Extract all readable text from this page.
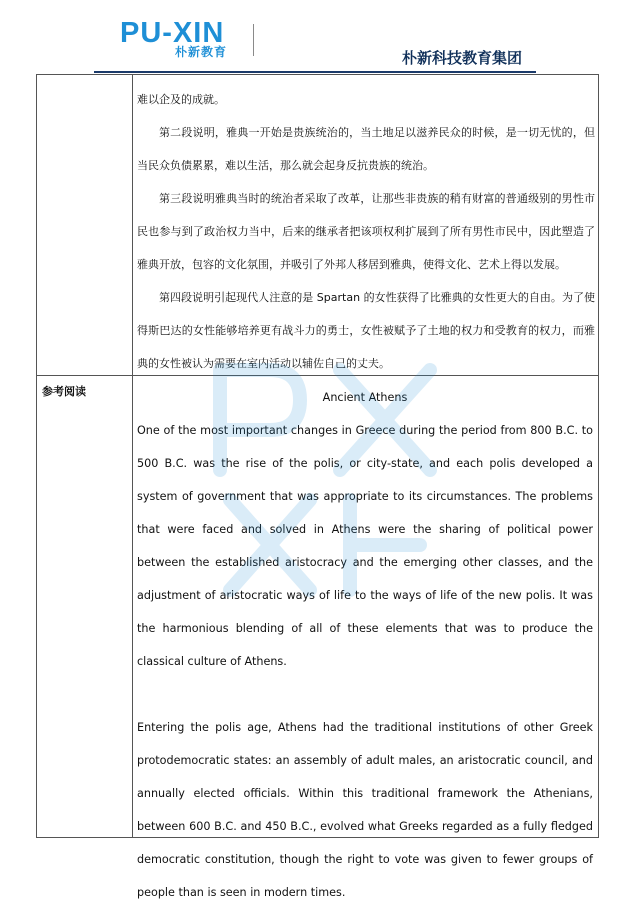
PU-XIN
朴新教育	朴新科技教育集团

难以企及的成就。

第二段说明，雅典一开始是贵族统治的，当土地足以滋养民众的时候，是一切无忧的，但当民众负债累累，难以生活，那么就会起身反抗贵族的统治。

第三段说明雅典当时的统治者采取了改革，让那些非贵族的稍有财富的普通级别的男性市民也参与到了政治权力当中，后来的继承者把该项权利扩展到了所有男性市民中，因此塑造了雅典开放，包容的文化氛围，并吸引了外邦人移居到雅典，使得文化、艺术上得以发展。

第四段说明引起现代人注意的是 Spartan 的女性获得了比雅典的女性更大的自由。为了使得斯巴达的女性能够培养更有战斗力的勇士，女性被赋予了土地的权力和受教育的权力，而雅典的女性被认为需要在室内活动以辅佐自己的丈夫。

参考阅读	Ancient Athens

One of the most important changes in Greece during the period from 800 B.C. to 500 B.C. was the rise of the polis, or city-state, and each polis developed a system of government that was appropriate to its circumstances. The problems that were faced and solved in Athens were the sharing of political power between the established aristocracy and the emerging other classes, and the adjustment of aristocratic ways of life to the ways of life of the new polis. It was the harmonious blending of all of these elements that was to produce the classical culture of Athens.

Entering the polis age, Athens had the traditional institutions of other Greek protodemocratic states: an assembly of adult males, an aristocratic council, and annually elected officials. Within this traditional framework the Athenians, between 600 B.C. and 450 B.C., evolved what Greeks regarded as a fully fledged democratic constitution, though the right to vote was given to fewer groups of people than is seen in modern times.
